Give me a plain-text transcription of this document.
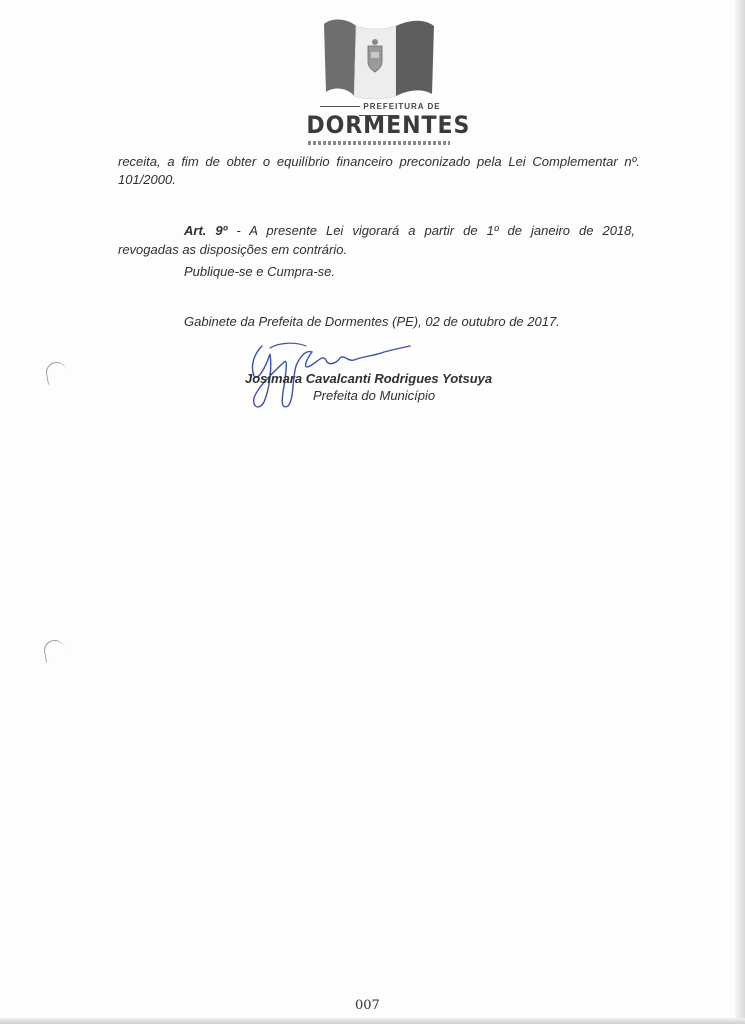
PREFEITURA DE
DORMENTES
receita, a fim de obter o equilíbrio financeiro preconizado pela Lei Complementar nº.
101/2000.
Art. 9º - A presente Lei vigorará a partir de 1º de janeiro de 2018,
revogadas as disposições em contrário.
Publique-se e Cumpra-se.
Gabinete da Prefeita de Dormentes (PE), 02 de outubro de 2017.
Josimara Cavalcanti Rodrigues Yotsuya
Prefeita do Município
007
